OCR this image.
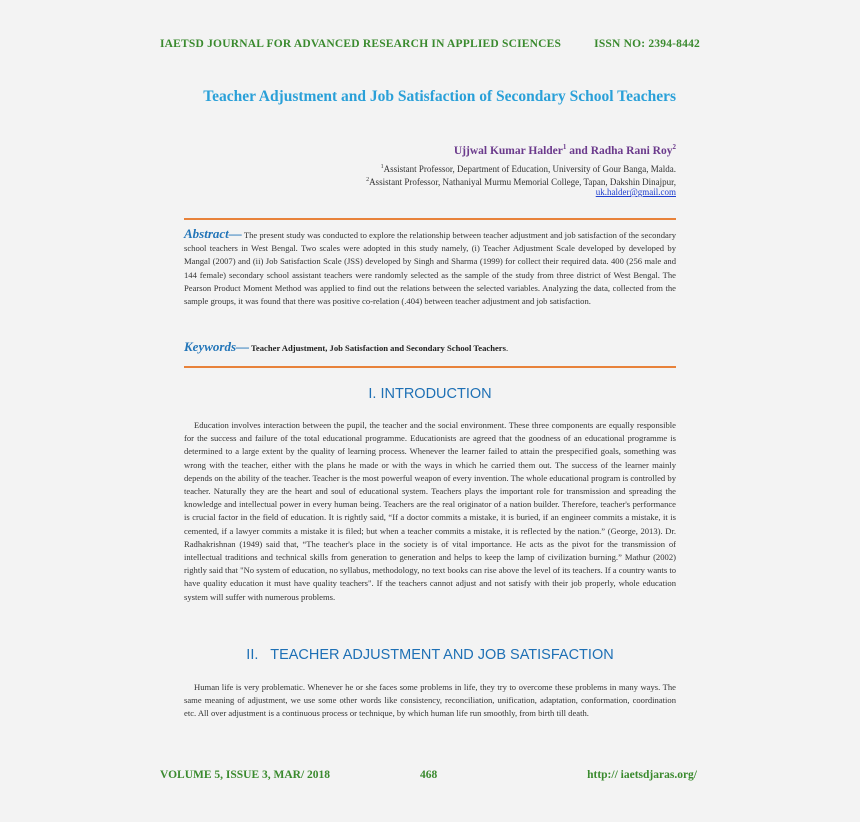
IAETSD JOURNAL FOR ADVANCED RESEARCH IN APPLIED SCIENCES	ISSN NO: 2394-8442
Teacher Adjustment and Job Satisfaction of Secondary School Teachers
Ujjwal Kumar Halder$^1$ and Radha Rani Roy$^2$
$^1$Assistant Professor, Department of Education, University of Gour Banga, Malda.
$^2$Assistant Professor, Nathaniyal Murmu Memorial College, Tapan, Dakshin Dinajpur,
uk.halder@gmail.com
Abstract— The present study was conducted to explore the relationship between teacher adjustment and job satisfaction of the secondary school teachers in West Bengal. Two scales were adopted in this study namely, (i) Teacher Adjustment Scale developed by developed by Mangal (2007) and (ii) Job Satisfaction Scale (JSS) developed by Singh and Sharma (1999) for collect their required data. 400 (256 male and 144 female) secondary school assistant teachers were randomly selected as the sample of the study from three district of West Bengal. The Pearson Product Moment Method was applied to find out the relations between the selected variables. Analyzing the data, collected from the sample groups, it was found that there was positive co-relation (.404) between teacher adjustment and job satisfaction.
Keywords— Teacher Adjustment, Job Satisfaction and Secondary School Teachers.
I. INTRODUCTION

Education involves interaction between the pupil, the teacher and the social environment. These three components are equally responsible for the success and failure of the total educational programme. Educationists are agreed that the goodness of an educational programme is determined to a large extent by the quality of learning process. Whenever the learner failed to attain the prespecified goals, something was wrong with the teacher, either with the plans he made or with the ways in which he carried them out. The success of the learner mainly depends on the ability of the teacher. Teacher is the most powerful weapon of every invention. The whole educational program is controlled by teacher. Naturally they are the heart and soul of educational system. Teachers plays the important role for transmission and spreading the knowledge and intellectual power in every human being. Teachers are the real originator of a nation builder. Therefore, teacher's performance is crucial factor in the field of education. It is rightly said, “If a doctor commits a mistake, it is buried, if an engineer commits a mistake, it is cemented, if a lawyer commits a mistake it is filed; but when a teacher commits a mistake, it is reflected by the nation.” (George, 2013). Dr. Radhakrishnan (1949) said that, “The teacher's place in the society is of vital importance. He acts as the pivot for the transmission of intellectual traditions and technical skills from generation to generation and helps to keep the lamp of civilization burning.” Mathur (2002) rightly said that "No system of education, no syllabus, methodology, no text books can rise above the level of its teachers. If a country wants to have quality education it must have quality teachers". If the teachers cannot adjust and not satisfy with their job properly, whole education system will suffer with numerous problems.

II.   TEACHER ADJUSTMENT AND JOB SATISFACTION

Human life is very problematic. Whenever he or she faces some problems in life, they try to overcome these problems in many ways. The same meaning of adjustment, we use some other words like consistency, reconciliation, unification, adaptation, conformation, coordination etc. All over adjustment is a continuous process or technique, by which human life run smoothly, from birth till death.

VOLUME 5, ISSUE 3, MAR/ 2018	468	http:// iaetsdjaras.org/
